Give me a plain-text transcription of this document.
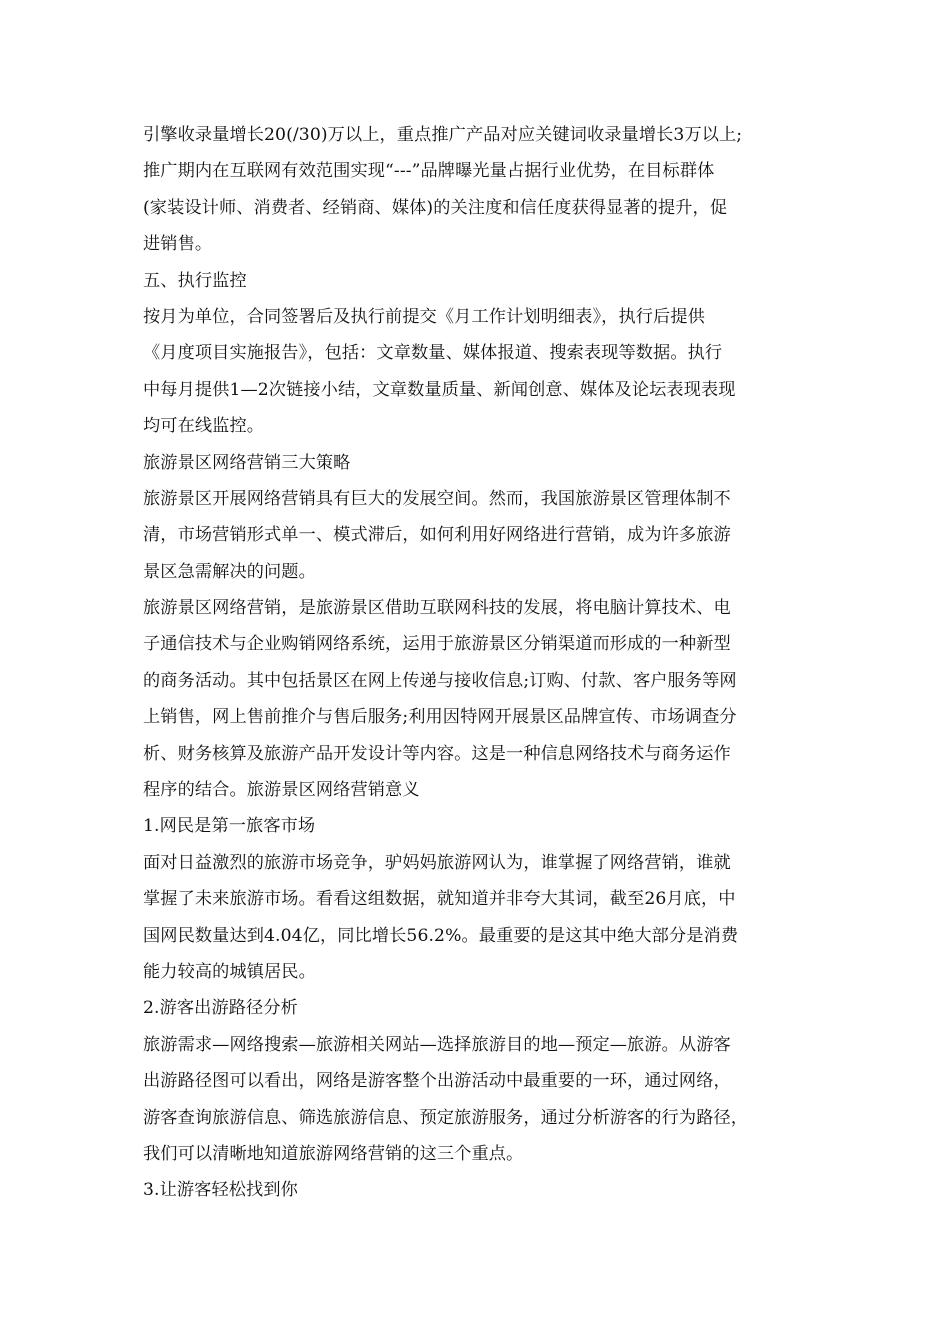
引擎收录量增长20(/30)万以上，重点推广产品对应关键词收录量增长3万以上;
推广期内在互联网有效范围实现“---”品牌曝光量占据行业优势，在目标群体
(家装设计师、消费者、经销商、媒体)的关注度和信任度获得显著的提升，促
进销售。
五、执行监控
按月为单位，合同签署后及执行前提交《月工作计划明细表》，执行后提供
《月度项目实施报告》，包括：文章数量、媒体报道、搜索表现等数据。执行
中每月提供1—2次链接小结，文章数量质量、新闻创意、媒体及论坛表现表现
均可在线监控。
旅游景区网络营销三大策略
旅游景区开展网络营销具有巨大的发展空间。然而，我国旅游景区管理体制不
清，市场营销形式单一、模式滞后，如何利用好网络进行营销，成为许多旅游
景区急需解决的问题。
旅游景区网络营销，是旅游景区借助互联网科技的发展，将电脑计算技术、电
子通信技术与企业购销网络系统，运用于旅游景区分销渠道而形成的一种新型
的商务活动。其中包括景区在网上传递与接收信息;订购、付款、客户服务等网
上销售，网上售前推介与售后服务;利用因特网开展景区品牌宣传、市场调查分
析、财务核算及旅游产品开发设计等内容。这是一种信息网络技术与商务运作
程序的结合。旅游景区网络营销意义
1.网民是第一旅客市场
面对日益激烈的旅游市场竞争，驴妈妈旅游网认为，谁掌握了网络营销，谁就
掌握了未来旅游市场。看看这组数据，就知道并非夸大其词，截至26月底，中
国网民数量达到4.04亿，同比增长56.2%。最重要的是这其中绝大部分是消费
能力较高的城镇居民。
2.游客出游路径分析
旅游需求—网络搜索—旅游相关网站—选择旅游目的地—预定—旅游。从游客
出游路径图可以看出，网络是游客整个出游活动中最重要的一环，通过网络，
游客查询旅游信息、筛选旅游信息、预定旅游服务，通过分析游客的行为路径，
我们可以清晰地知道旅游网络营销的这三个重点。
3.让游客轻松找到你
